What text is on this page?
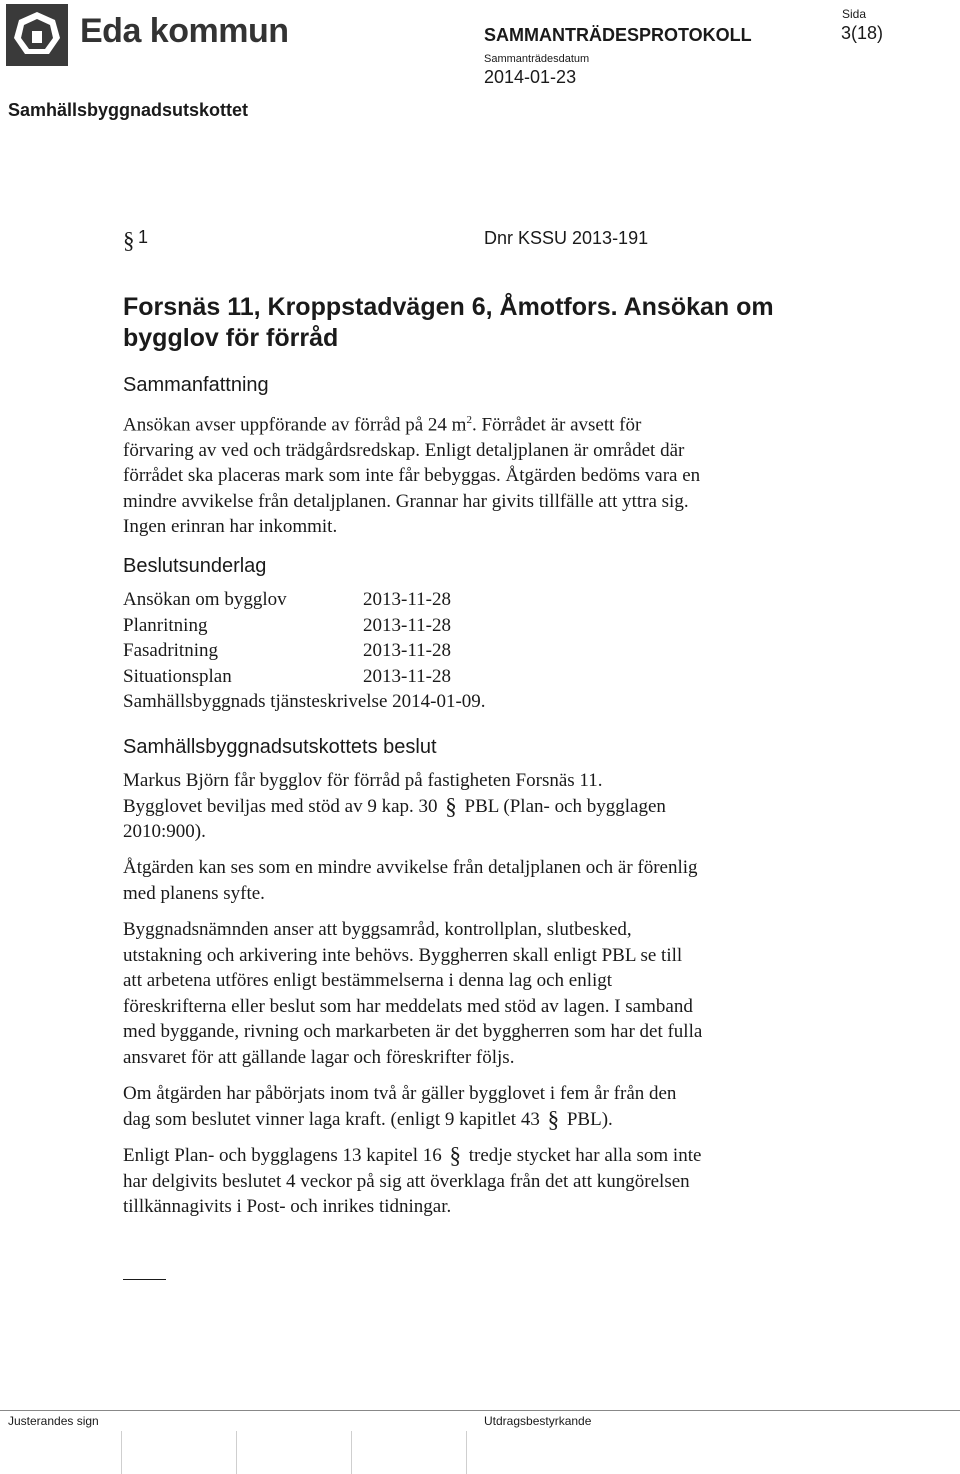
Eda kommun	SAMMANTRÄDESPROTOKOLL
Sammanträdesdatum
2014-01-23
Sida
3(18)
Samhällsbyggnadsutskottet
§ 1	Dnr KSSU 2013-191
Forsnäs 11, Kroppstadvägen 6, Åmotfors. Ansökan om
bygglov för förråd
Sammanfattning
Ansökan avser uppförande av förråd på 24 $m^2$. Förrådet är avsett för
förvaring av ved och trädgårdsredskap. Enligt detaljplanen är området där
förrådet ska placeras mark som inte får bebyggas. Åtgärden bedöms vara en
mindre avvikelse från detaljplanen. Grannar har givits tillfälle att yttra sig.
Ingen erinran har inkommit.
Beslutsunderlag
Ansökan om bygglov	2013-11-28
Planritning	2013-11-28
Fasadritning	2013-11-28
Situationsplan	2013-11-28
Samhällsbyggnads tjänsteskrivelse 2014-01-09.
Samhällsbyggnadsutskottets beslut
Markus Björn får bygglov för förråd på fastigheten Forsnäs 11.
Bygglovet beviljas med stöd av 9 kap. 30 § PBL (Plan- och bygglagen
2010:900).
Åtgärden kan ses som en mindre avvikelse från detaljplanen och är förenlig
med planens syfte.
Byggnadsnämnden anser att byggsamråd, kontrollplan, slutbesked,
utstakning och arkivering inte behövs. Byggherren skall enligt PBL se till
att arbetena utföres enligt bestämmelserna i denna lag och enligt
föreskrifterna eller beslut som har meddelats med stöd av lagen. I samband
med byggande, rivning och markarbeten är det byggherren som har det fulla
ansvaret för att gällande lagar och föreskrifter följs.
Om åtgärden har påbörjats inom två år gäller bygglovet i fem år från den
dag som beslutet vinner laga kraft. (enligt 9 kapitlet 43 § PBL).
Enligt Plan- och bygglagens 13 kapitel 16 § tredje stycket har alla som inte
har delgivits beslutet 4 veckor på sig att överklaga från det att kungörelsen
tillkännagivits i Post- och inrikes tidningar.
Justerandes sign	Utdragsbestyrkande
